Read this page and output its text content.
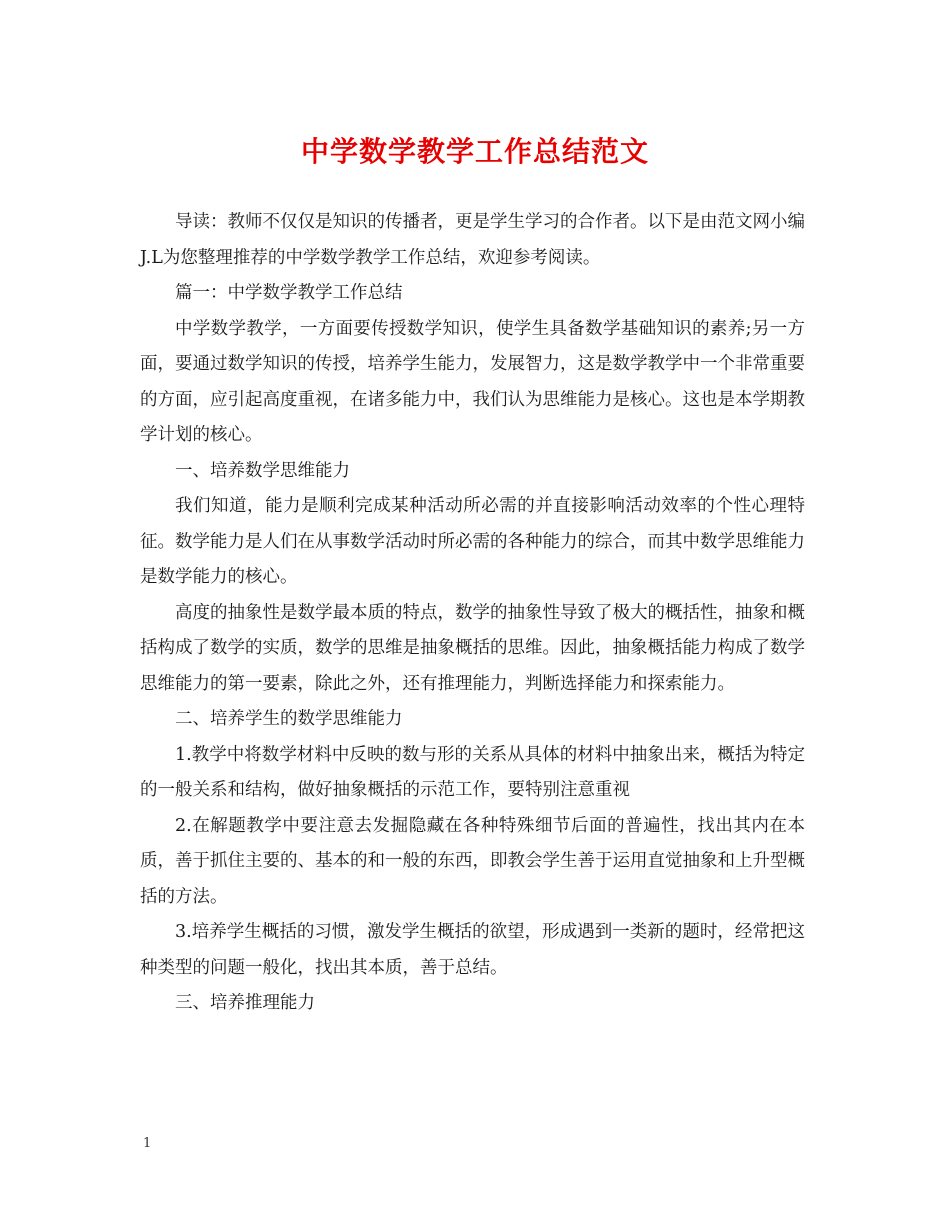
中学数学教学工作总结范文

导读：教师不仅仅是知识的传播者，更是学生学习的合作者。以下是由范文网小编J.L为您整理推荐的中学数学教学工作总结，欢迎参考阅读。

篇一：中学数学教学工作总结

中学数学教学，一方面要传授数学知识，使学生具备数学基础知识的素养;另一方面，要通过数学知识的传授，培养学生能力，发展智力，这是数学教学中一个非常重要的方面，应引起高度重视，在诸多能力中，我们认为思维能力是核心。这也是本学期教学计划的核心。

一、培养数学思维能力

我们知道，能力是顺利完成某种活动所必需的并直接影响活动效率的个性心理特征。数学能力是人们在从事数学活动时所必需的各种能力的综合，而其中数学思维能力是数学能力的核心。

高度的抽象性是数学最本质的特点，数学的抽象性导致了极大的概括性，抽象和概括构成了数学的实质，数学的思维是抽象概括的思维。因此，抽象概括能力构成了数学思维能力的第一要素，除此之外，还有推理能力，判断选择能力和探索能力。

二、培养学生的数学思维能力

1.教学中将数学材料中反映的数与形的关系从具体的材料中抽象出来，概括为特定的一般关系和结构，做好抽象概括的示范工作，要特别注意重视

2.在解题教学中要注意去发掘隐藏在各种特殊细节后面的普遍性，找出其内在本质，善于抓住主要的、基本的和一般的东西，即教会学生善于运用直觉抽象和上升型概括的方法。

3.培养学生概括的习惯，激发学生概括的欲望，形成遇到一类新的题时，经常把这种类型的问题一般化，找出其本质，善于总结。

三、培养推理能力

1
